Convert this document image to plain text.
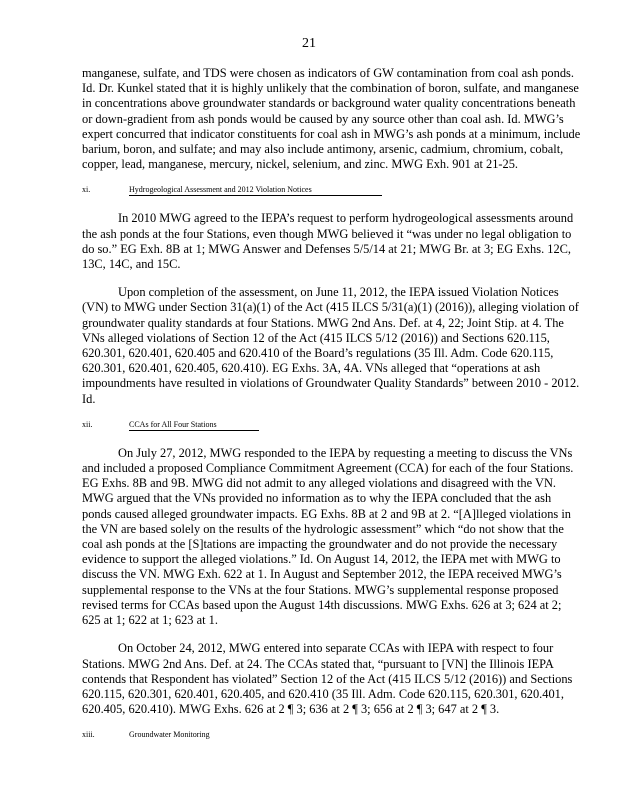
21

manganese, sulfate, and TDS were chosen as indicators of GW contamination from coal ash ponds. Id. Dr. Kunkel stated that it is highly unlikely that the combination of boron, sulfate, and manganese in concentrations above groundwater standards or background water quality concentrations beneath or down-gradient from ash ponds would be caused by any source other than coal ash. Id. MWG’s expert concurred that indicator constituents for coal ash in MWG’s ash ponds at a minimum, include barium, boron, and sulfate; and may also include antimony, arsenic, cadmium, chromium, cobalt, copper, lead, manganese, mercury, nickel, selenium, and zinc. MWG Exh. 901 at 21-25.

xi.	Hydrogeological Assessment and 2012 Violation Notices

In 2010 MWG agreed to the IEPA’s request to perform hydrogeological assessments around the ash ponds at the four Stations, even though MWG believed it “was under no legal obligation to do so.” EG Exh. 8B at 1; MWG Answer and Defenses 5/5/14 at 21; MWG Br. at 3; EG Exhs. 12C, 13C, 14C, and 15C.

Upon completion of the assessment, on June 11, 2012, the IEPA issued Violation Notices (VN) to MWG under Section 31(a)(1) of the Act (415 ILCS 5/31(a)(1) (2016)), alleging violation of groundwater quality standards at four Stations. MWG 2nd Ans. Def. at 4, 22; Joint Stip. at 4. The VNs alleged violations of Section 12 of the Act (415 ILCS 5/12 (2016)) and Sections 620.115, 620.301, 620.401, 620.405 and 620.410 of the Board’s regulations (35 Ill. Adm. Code 620.115, 620.301, 620.401, 620.405, 620.410). EG Exhs. 3A, 4A. VNs alleged that “operations at ash impoundments have resulted in violations of Groundwater Quality Standards” between 2010 - 2012. Id.

xii.	CCAs for All Four Stations

On July 27, 2012, MWG responded to the IEPA by requesting a meeting to discuss the VNs and included a proposed Compliance Commitment Agreement (CCA) for each of the four Stations. EG Exhs. 8B and 9B. MWG did not admit to any alleged violations and disagreed with the VN. MWG argued that the VNs provided no information as to why the IEPA concluded that the ash ponds caused alleged groundwater impacts. EG Exhs. 8B at 2 and 9B at 2. “[A]lleged violations in the VN are based solely on the results of the hydrologic assessment” which “do not show that the coal ash ponds at the [S]tations are impacting the groundwater and do not provide the necessary evidence to support the alleged violations.” Id. On August 14, 2012, the IEPA met with MWG to discuss the VN. MWG Exh. 622 at 1. In August and September 2012, the IEPA received MWG’s supplemental response to the VNs at the four Stations. MWG’s supplemental response proposed revised terms for CCAs based upon the August 14th discussions. MWG Exhs. 626 at 3; 624 at 2; 625 at 1; 622 at 1; 623 at 1.

On October 24, 2012, MWG entered into separate CCAs with IEPA with respect to four Stations. MWG 2nd Ans. Def. at 24. The CCAs stated that, “pursuant to [VN] the Illinois IEPA contends that Respondent has violated” Section 12 of the Act (415 ILCS 5/12 (2016)) and Sections 620.115, 620.301, 620.401, 620.405, and 620.410 (35 Ill. Adm. Code 620.115, 620.301, 620.401, 620.405, 620.410). MWG Exhs. 626 at 2 ¶ 3; 636 at 2 ¶ 3; 656 at 2 ¶ 3; 647 at 2 ¶ 3.

xiii.	Groundwater Monitoring
